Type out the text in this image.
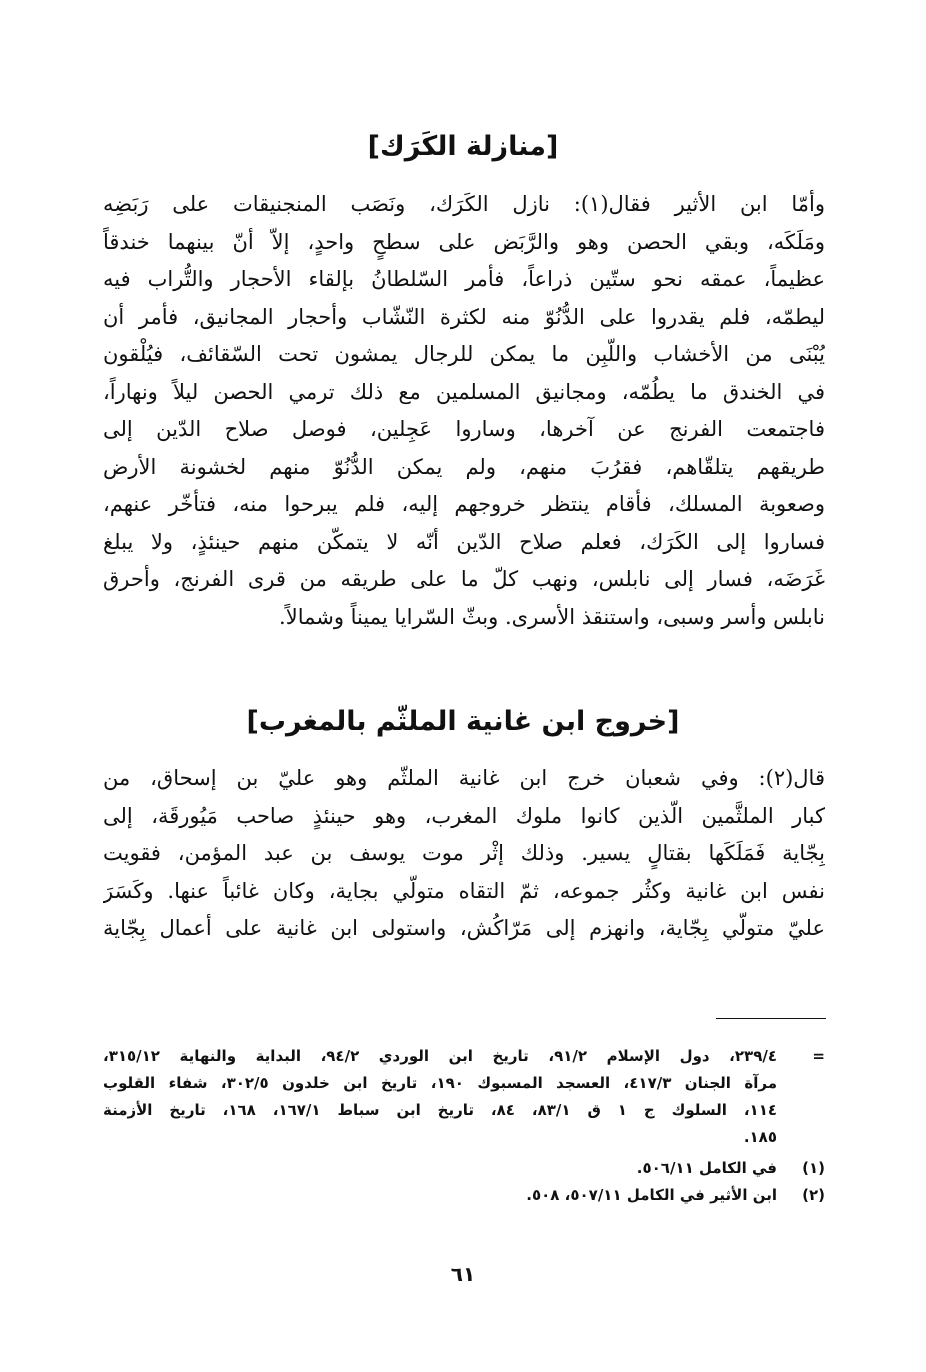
[منازلة الكَرَك]
وأمّا ابن الأثير فقال(١): نازل الكَرَك، ونَصَب المنجنيقات على رَبَضِه
ومَلَكَه، وبقي الحصن وهو والرَّبَض على سطحٍ واحدٍ، إلاّ أنّ بينهما خندقاً
عظيماً، عمقه نحو ستّين ذراعاً، فأمر السّلطانُ بإلقاء الأحجار والتُّراب فيه
ليطمّه، فلم يقدروا على الدُّنُوّ منه لكثرة النّشّاب وأحجار المجانيق، فأمر أن
يُبْنَى من الأخشاب واللّبِن ما يمكن للرجال يمشون تحت السّقائف، فيُلْقون
في الخندق ما يطُمّه، ومجانيق المسلمين مع ذلك ترمي الحصن ليلاً ونهاراً،
فاجتمعت الفرنج عن آخرها، وساروا عَجِلين، فوصل صلاح الدّين إلى
طريقهم يتلقّاهم، فقرُبَ منهم، ولم يمكن الدُّنُوّ منهم لخشونة الأرض
وصعوبة المسلك، فأقام ينتظر خروجهم إليه، فلم يبرحوا منه، فتأخّر عنهم،
فساروا إلى الكَرَك، فعلم صلاح الدّين أنّه لا يتمكّن منهم حينئذٍ، ولا يبلغ
غَرَضَه، فسار إلى نابلس، ونهب كلّ ما على طريقه من قرى الفرنج، وأحرق
نابلس وأسر وسبى، واستنقذ الأسرى. وبثّ السّرايا يميناً وشمالاً.
[خروج ابن غانية الملثّم بالمغرب]
قال(٢): وفي شعبان خرج ابن غانية الملثّم وهو عليّ بن إسحاق، من
كبار الملثَّمين الّذين كانوا ملوك المغرب، وهو حينئذٍ صاحب مَيُورقَة، إلى
بِجّاية فَمَلَكَها بقتالٍ يسير. وذلك إثْر موت يوسف بن عبد المؤمن، فقويت
نفس ابن غانية وكثُر جموعه، ثمّ التقاه متولّي بجاية، وكان غائباً عنها. وكَسَرَ
عليّ متولّي بِجّاية، وانهزم إلى مَرّاكُش، واستولى ابن غانية على أعمال بِجّاية
=
٢٣٩/٤، دول الإسلام ٩١/٢، تاريخ ابن الوردي ٩٤/٢، البداية والنهاية ٣١٥/١٢،
مرآة الجنان ٤١٧/٣، العسجد المسبوك ١٩٠، تاريخ ابن خلدون ٣٠٢/٥، شفاء القلوب
١١٤، السلوك ج ١ ق ٨٣/١، ٨٤، تاريخ ابن سباط ١٦٧/١، ١٦٨، تاريخ الأزمنة
١٨٥.
(١)
في الكامل ٥٠٦/١١.
(٢)
ابن الأثير في الكامل ٥٠٧/١١، ٥٠٨.
٦١
